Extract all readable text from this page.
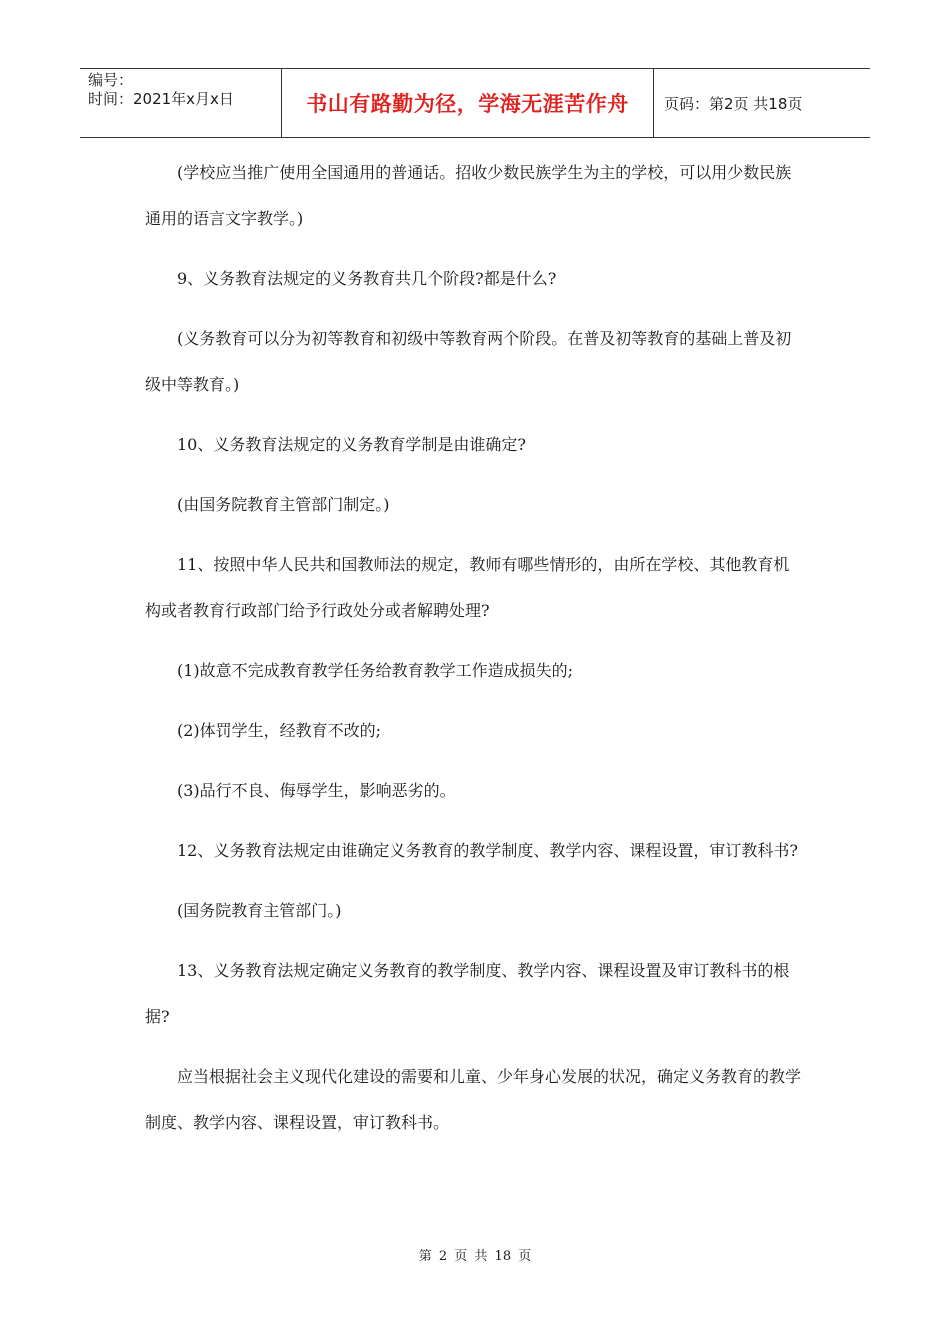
编号：
时间：2021年x月x日	书山有路勤为径，学海无涯苦作舟	页码：第2页 共18页

(学校应当推广使用全国通用的普通话。招收少数民族学生为主的学校，可以用少数民族通用的语言文字教学。)

9、义务教育法规定的义务教育共几个阶段?都是什么?

(义务教育可以分为初等教育和初级中等教育两个阶段。在普及初等教育的基础上普及初级中等教育。)

10、义务教育法规定的义务教育学制是由谁确定?

(由国务院教育主管部门制定。)

11、按照中华人民共和国教师法的规定，教师有哪些情形的，由所在学校、其他教育机构或者教育行政部门给予行政处分或者解聘处理?

(1)故意不完成教育教学任务给教育教学工作造成损失的;

(2)体罚学生，经教育不改的;

(3)品行不良、侮辱学生，影响恶劣的。

12、义务教育法规定由谁确定义务教育的教学制度、教学内容、课程设置，审订教科书?

(国务院教育主管部门。)

13、义务教育法规定确定义务教育的教学制度、教学内容、课程设置及审订教科书的根据?

应当根据社会主义现代化建设的需要和儿童、少年身心发展的状况，确定义务教育的教学制度、教学内容、课程设置，审订教科书。

第 2 页 共 18 页
